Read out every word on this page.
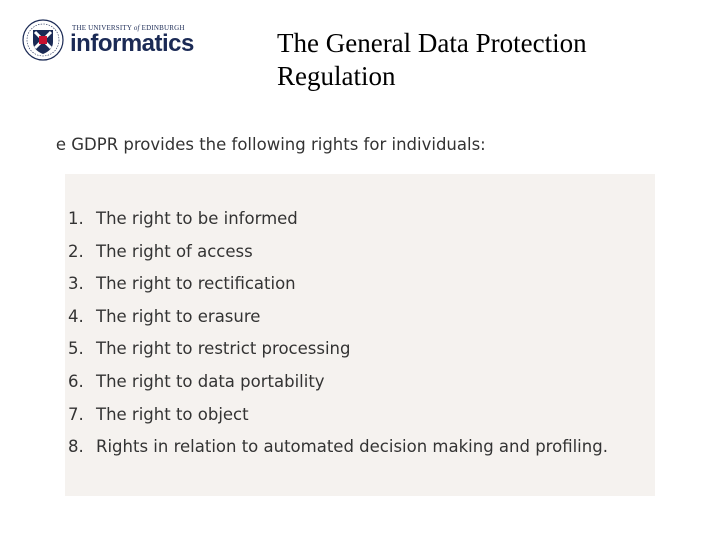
THE UNIVERSITY of EDINBURGH
informatics	The General Data Protection Regulation
e GDPR provides the following rights for individuals:
1. The right to be informed
2. The right of access
3. The right to rectification
4. The right to erasure
5. The right to restrict processing
6. The right to data portability
7. The right to object
8. Rights in relation to automated decision making and profiling.
